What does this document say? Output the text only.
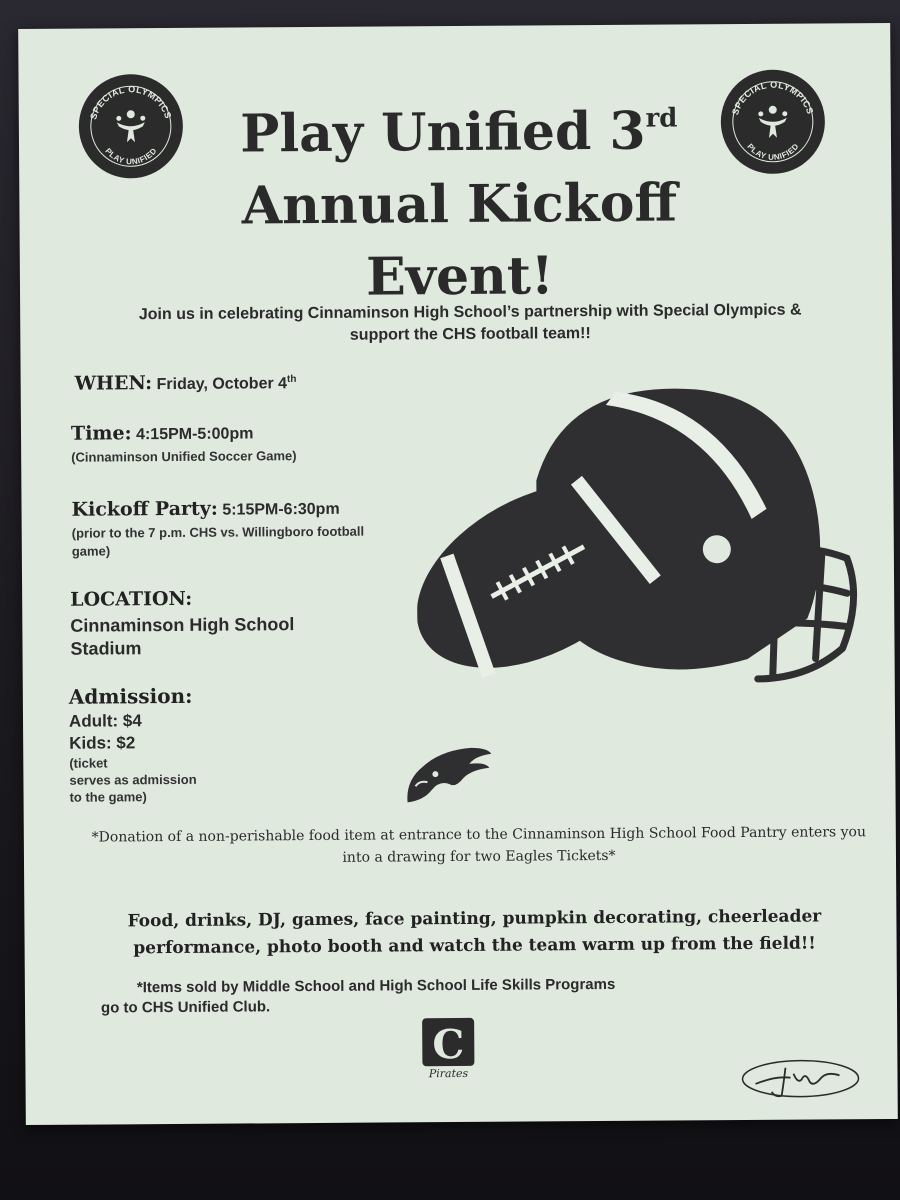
SPECIAL OLYMPICS
PLAY UNIFIED
SPECIAL OLYMPICS
PLAY UNIFIED
Play Unified 3rd
Annual Kickoff
Event!
Join us in celebrating Cinnaminson High School’s partnership with Special Olympics &
support the CHS football team!!
WHEN: Friday, October 4th
Time: 4:15PM-5:00pm
(Cinnaminson Unified Soccer Game)
Kickoff Party: 5:15PM-6:30pm
(prior to the 7 p.m. CHS vs. Willingboro football
game)
LOCATION:
Cinnaminson High School
Stadium
Admission:
Adult: $4
Kids: $2
(ticket
serves as admission
to the game)
*Donation of a non-perishable food item at entrance to the Cinnaminson High School Food Pantry enters you
into a drawing for two Eagles Tickets*
Food, drinks, DJ, games, face painting, pumpkin decorating, cheerleader
performance, photo booth and watch the team warm up from the field!!
*Items sold by Middle School and High School Life Skills Programs
go to CHS Unified Club.
C
Pirates
